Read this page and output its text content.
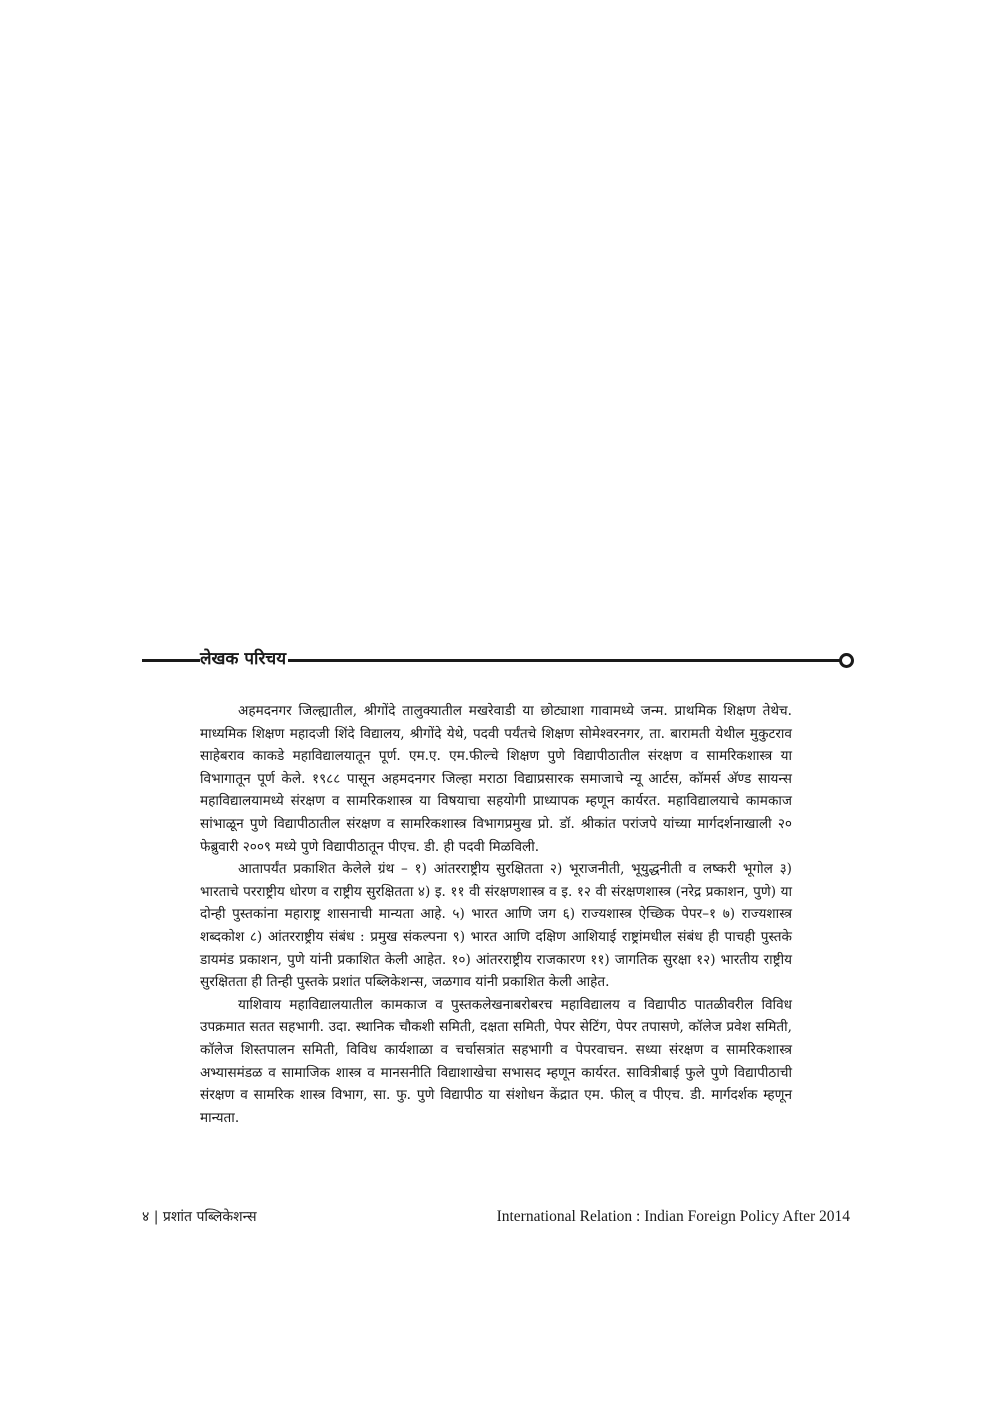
लेखक परिचय

अहमदनगर जिल्ह्यातील, श्रीगोंदे तालुक्यातील मखरेवाडी या छोट्याशा गावामध्ये जन्म. प्राथमिक शिक्षण तेथेच. माध्यमिक शिक्षण महादजी शिंदे विद्यालय, श्रीगोंदे येथे, पदवी पर्यंतचे शिक्षण सोमेश्वरनगर, ता. बारामती येथील मुकुटराव साहेबराव काकडे महाविद्यालयातून पूर्ण. एम.ए. एम.फील्चे शिक्षण पुणे विद्यापीठातील संरक्षण व सामरिकशास्त्र या विभागातून पूर्ण केले. १९८८ पासून अहमदनगर जिल्हा मराठा विद्याप्रसारक समाजाचे न्यू आर्टस, कॉमर्स अ‍ॅण्ड सायन्स महाविद्यालयामध्ये संरक्षण व सामरिकशास्त्र या विषयाचा सहयोगी प्राध्यापक म्हणून कार्यरत. महाविद्यालयाचे कामकाज सांभाळून पुणे विद्यापीठातील संरक्षण व सामरिकशास्त्र विभागप्रमुख प्रो. डॉ. श्रीकांत परांजपे यांच्या मार्गदर्शनाखाली २० फेब्रुवारी २००९ मध्ये पुणे विद्यापीठातून पीएच. डी. ही पदवी मिळविली.

आतापर्यंत प्रकाशित केलेले ग्रंथ – १) आंतरराष्ट्रीय सुरक्षितता २) भूराजनीती, भूयुद्धनीती व लष्करी भूगोल ३) भारताचे परराष्ट्रीय धोरण व राष्ट्रीय सुरक्षितता ४) इ. ११ वी संरक्षणशास्त्र व इ. १२ वी संरक्षणशास्त्र (नरेद्र प्रकाशन, पुणे) या दोन्ही पुस्तकांना महाराष्ट्र शासनाची मान्यता आहे. ५) भारत आणि जग ६) राज्यशास्त्र ऐच्छिक पेपर–१ ७) राज्यशास्त्र शब्दकोश ८) आंतरराष्ट्रीय संबंध : प्रमुख संकल्पना ९) भारत आणि दक्षिण आशियाई राष्ट्रांमधील संबंध ही पाचही पुस्तके डायमंड प्रकाशन, पुणे यांनी प्रकाशित केली आहेत. १०) आंतरराष्ट्रीय राजकारण ११) जागतिक सुरक्षा १२) भारतीय राष्ट्रीय सुरक्षितता ही तिन्ही पुस्तके प्रशांत पब्लिकेशन्स, जळगाव यांनी प्रकाशित केली आहेत.

याशिवाय महाविद्यालयातील कामकाज व पुस्तकलेखनाबरोबरच महाविद्यालय व विद्यापीठ पातळीवरील विविध उपक्रमात सतत सहभागी. उदा. स्थानिक चौकशी समिती, दक्षता समिती, पेपर सेटिंग, पेपर तपासणे, कॉलेज प्रवेश समिती, कॉलेज शिस्तपालन समिती, विविध कार्यशाळा व चर्चासत्रांत सहभागी व पेपरवाचन. सध्या संरक्षण व सामरिकशास्त्र अभ्यासमंडळ व सामाजिक शास्त्र व मानसनीति विद्याशाखेचा सभासद म्हणून कार्यरत. सावित्रीबाई फुले पुणे विद्यापीठाची संरक्षण व सामरिक शास्त्र विभाग, सा. फु. पुणे विद्यापीठ या संशोधन केंद्रात एम. फील् व पीएच. डी. मार्गदर्शक म्हणून मान्यता.

४ | प्रशांत पब्लिकेशन्स	International Relation : Indian Foreign Policy After 2014
